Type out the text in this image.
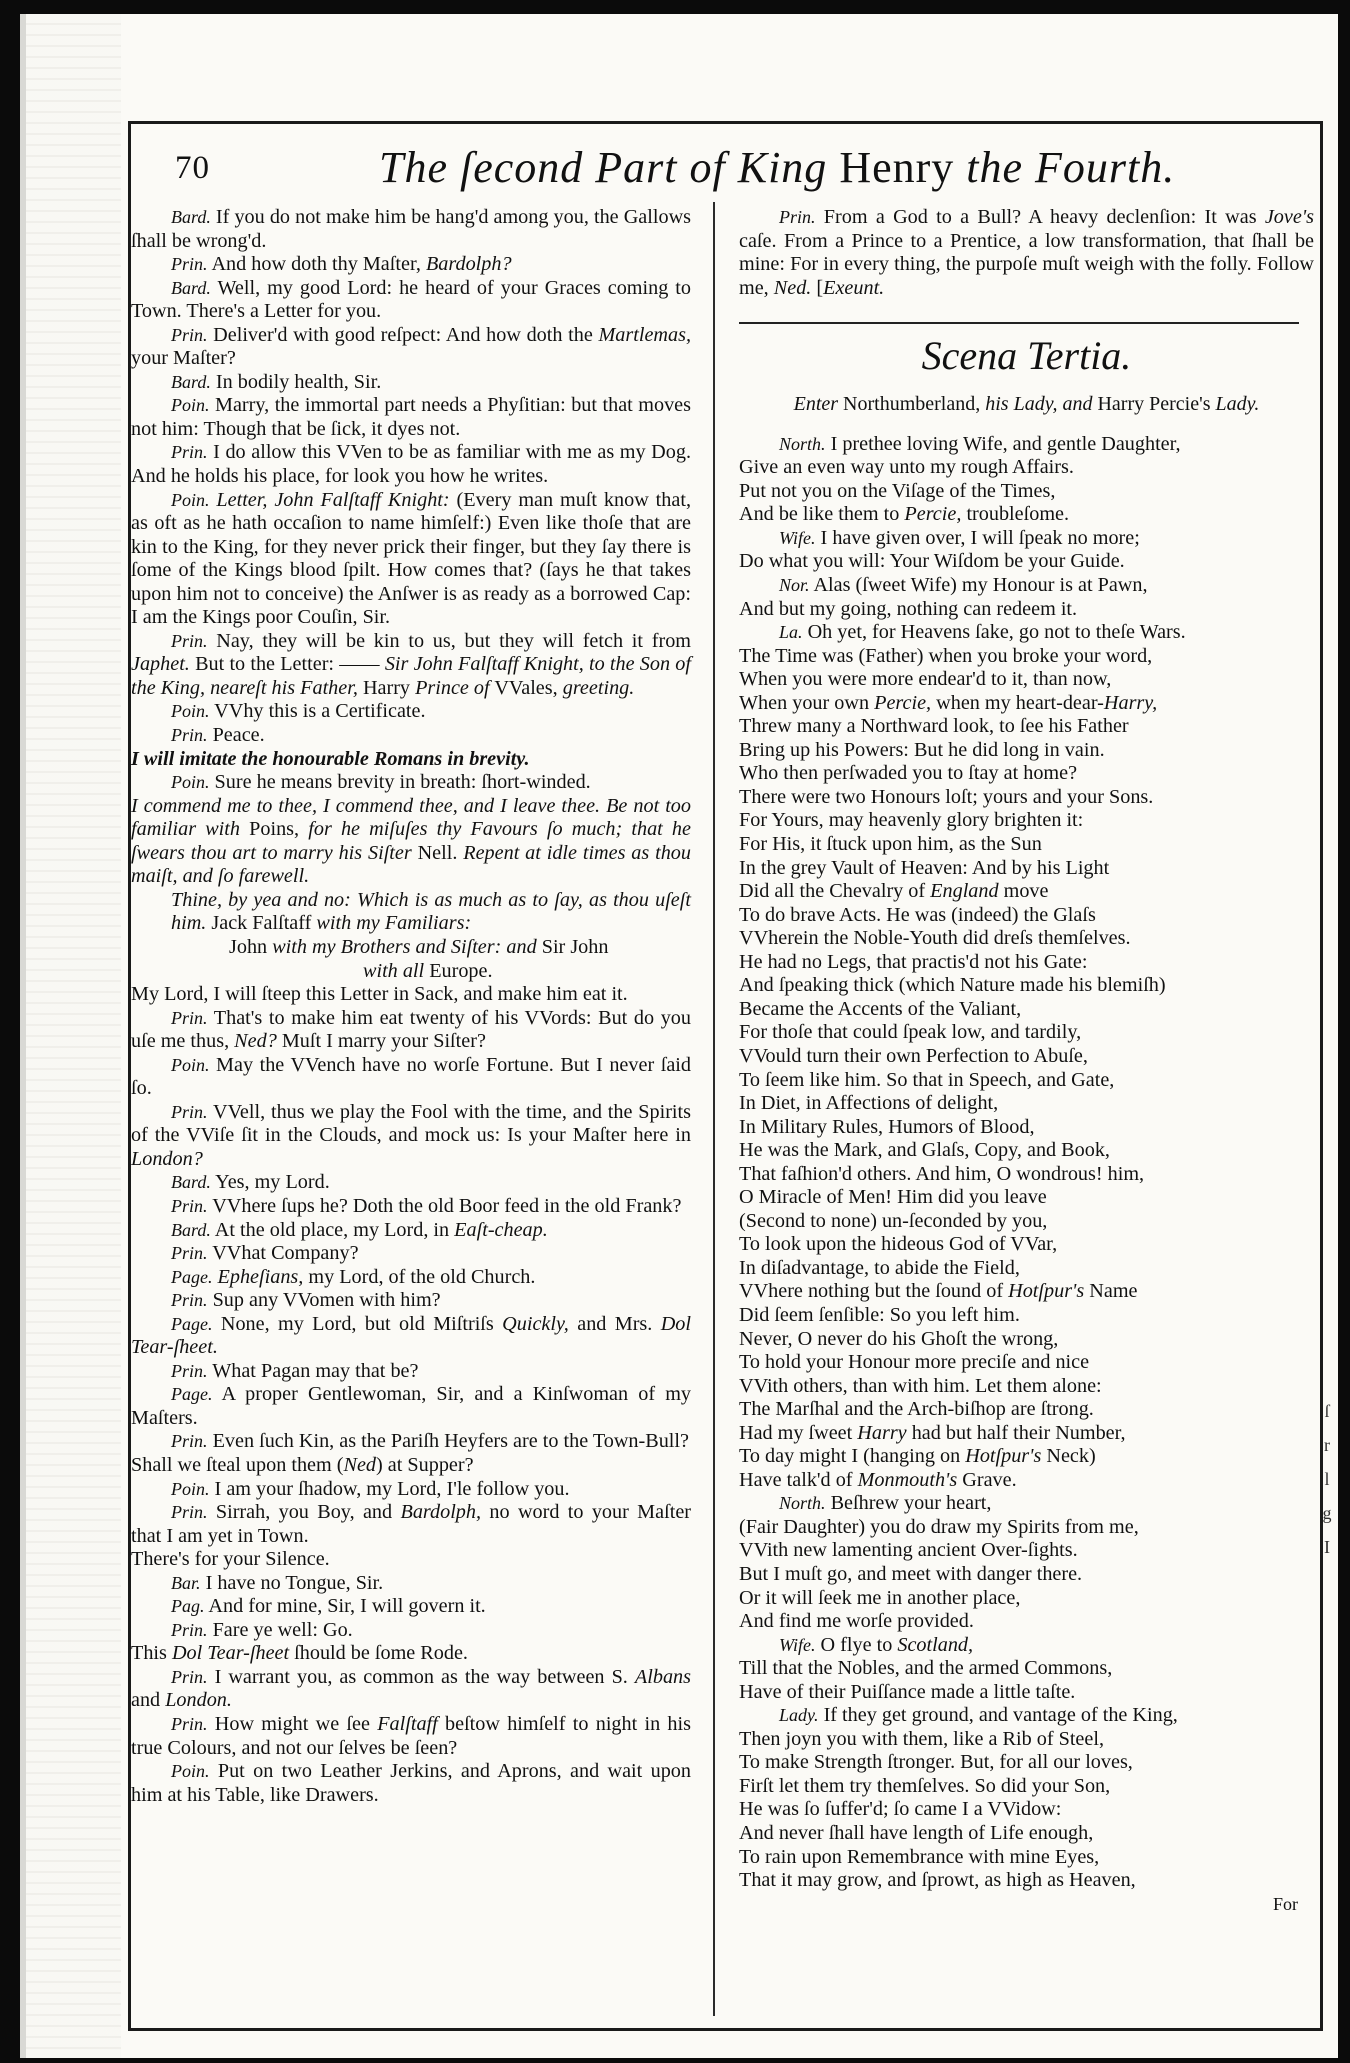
70	The ſecond Part of King Henry the Fourth.
Bard. If you do not make him be hang'd among you, the Gallows ſhall be wrong'd.
Prin. And how doth thy Maſter, Bardolph?
Bard. Well, my good Lord: he heard of your Graces coming to Town. There's a Letter for you.
Prin. Deliver'd with good reſpect: And how doth the Martlemas, your Maſter?
Bard. In bodily health, Sir.
Poin. Marry, the immortal part needs a Phyſitian: but that moves not him: Though that be ſick, it dyes not.
Prin. I do allow this VVen to be as familiar with me as my Dog. And he holds his place, for look you how he writes.
Poin. Letter, John Falſtaff Knight: (Every man muſt know that, as oft as he hath occaſion to name himſelf:) Even like thoſe that are kin to the King, for they never prick their finger, but they ſay there is ſome of the Kings blood ſpilt. How comes that? (ſays he that takes upon him not to conceive) the Anſwer is as ready as a borrowed Cap: I am the Kings poor Couſin, Sir.
Prin. Nay, they will be kin to us, but they will fetch it from Japhet. But to the Letter: —— Sir John Falſtaff Knight, to the Son of the King, neareſt his Father, Harry Prince of VVales, greeting.
Poin. VVhy this is a Certificate.
Prin. Peace.
I will imitate the honourable Romans in brevity.
Poin. Sure he means brevity in breath: ſhort-winded.
I commend me to thee, I commend thee, and I leave thee. Be not too familiar with Poins, for he miſuſes thy Favours ſo much; that he ſwears thou art to marry his Siſter Nell. Repent at idle times as thou maiſt, and ſo farewell.
Thine, by yea and no: Which is as much as to ſay, as thou uſeſt him. Jack Falſtaff with my Familiars:
John with my Brothers and Siſter: and Sir John
with all Europe.
My Lord, I will ſteep this Letter in Sack, and make him eat it.
Prin. That's to make him eat twenty of his VVords: But do you uſe me thus, Ned? Muſt I marry your Siſter?
Poin. May the VVench have no worſe Fortune. But I never ſaid ſo.
Prin. VVell, thus we play the Fool with the time, and the Spirits of the VViſe ſit in the Clouds, and mock us: Is your Maſter here in London?
Bard. Yes, my Lord.
Prin. VVhere ſups he? Doth the old Boor feed in the old Frank?
Bard. At the old place, my Lord, in Eaſt-cheap.
Prin. VVhat Company?
Page. Epheſians, my Lord, of the old Church.
Prin. Sup any VVomen with him?
Page. None, my Lord, but old Miſtriſs Quickly, and Mrs. Dol Tear-ſheet.
Prin. What Pagan may that be?
Page. A proper Gentlewoman, Sir, and a Kinſwoman of my Maſters.
Prin. Even ſuch Kin, as the Pariſh Heyfers are to the Town-Bull?
Shall we ſteal upon them (Ned) at Supper?
Poin. I am your ſhadow, my Lord, I'le follow you.
Prin. Sirrah, you Boy, and Bardolph, no word to your Maſter that I am yet in Town.
There's for your Silence.
Bar. I have no Tongue, Sir.
Pag. And for mine, Sir, I will govern it.
Prin. Fare ye well: Go.
This Dol Tear-ſheet ſhould be ſome Rode.
Prin. I warrant you, as common as the way between S. Albans and London.
Prin. How might we ſee Falſtaff beſtow himſelf to night in his true Colours, and not our ſelves be ſeen?
Poin. Put on two Leather Jerkins, and Aprons, and wait upon him at his Table, like Drawers.
Prin. From a God to a Bull? A heavy declenſion: It was Jove's caſe. From a Prince to a Prentice, a low transformation, that ſhall be mine: For in every thing, the purpoſe muſt weigh with the folly. Follow me, Ned. [Exeunt.
Scena Tertia.
Enter Northumberland, his Lady, and Harry Percie's Lady.
North. I prethee loving Wife, and gentle Daughter,
Give an even way unto my rough Affairs.
Put not you on the Viſage of the Times,
And be like them to Percie, troubleſome.
Wife. I have given over, I will ſpeak no more;
Do what you will: Your Wiſdom be your Guide.
Nor. Alas (ſweet Wife) my Honour is at Pawn,
And but my going, nothing can redeem it.
La. Oh yet, for Heavens ſake, go not to theſe Wars.
The Time was (Father) when you broke your word,
When you were more endear'd to it, than now,
When your own Percie, when my heart-dear-Harry,
Threw many a Northward look, to ſee his Father
Bring up his Powers: But he did long in vain.
Who then perſwaded you to ſtay at home?
There were two Honours loſt; yours and your Sons.
For Yours, may heavenly glory brighten it:
For His, it ſtuck upon him, as the Sun
In the grey Vault of Heaven: And by his Light
Did all the Chevalry of England move
To do brave Acts. He was (indeed) the Glaſs
VVherein the Noble-Youth did dreſs themſelves.
He had no Legs, that practis'd not his Gate:
And ſpeaking thick (which Nature made his blemiſh)
Became the Accents of the Valiant,
For thoſe that could ſpeak low, and tardily,
VVould turn their own Perfection to Abuſe,
To ſeem like him. So that in Speech, and Gate,
In Diet, in Affections of delight,
In Military Rules, Humors of Blood,
He was the Mark, and Glaſs, Copy, and Book,
That faſhion'd others. And him, O wondrous! him,
O Miracle of Men! Him did you leave
(Second to none) un-ſeconded by you,
To look upon the hideous God of VVar,
In diſadvantage, to abide the Field,
VVhere nothing but the ſound of Hotſpur's Name
Did ſeem ſenſible: So you left him.
Never, O never do his Ghoſt the wrong,
To hold your Honour more preciſe and nice
VVith others, than with him. Let them alone:
The Marſhal and the Arch-biſhop are ſtrong.
Had my ſweet Harry had but half their Number,
To day might I (hanging on Hotſpur's Neck)
Have talk'd of Monmouth's Grave.
North. Beſhrew your heart,
(Fair Daughter) you do draw my Spirits from me,
VVith new lamenting ancient Over-ſights.
But I muſt go, and meet with danger there.
Or it will ſeek me in another place,
And find me worſe provided.
Wife. O flye to Scotland,
Till that the Nobles, and the armed Commons,
Have of their Puiſſance made a little taſte.
Lady. If they get ground, and vantage of the King,
Then joyn you with them, like a Rib of Steel,
To make Strength ſtronger. But, for all our loves,
Firſt let them try themſelves. So did your Son,
He was ſo ſuffer'd; ſo came I a VVidow:
And never ſhall have length of Life enough,
To rain upon Remembrance with mine Eyes,
That it may grow, and ſprowt, as high as Heaven,
For
ſ
r
l
g
I
